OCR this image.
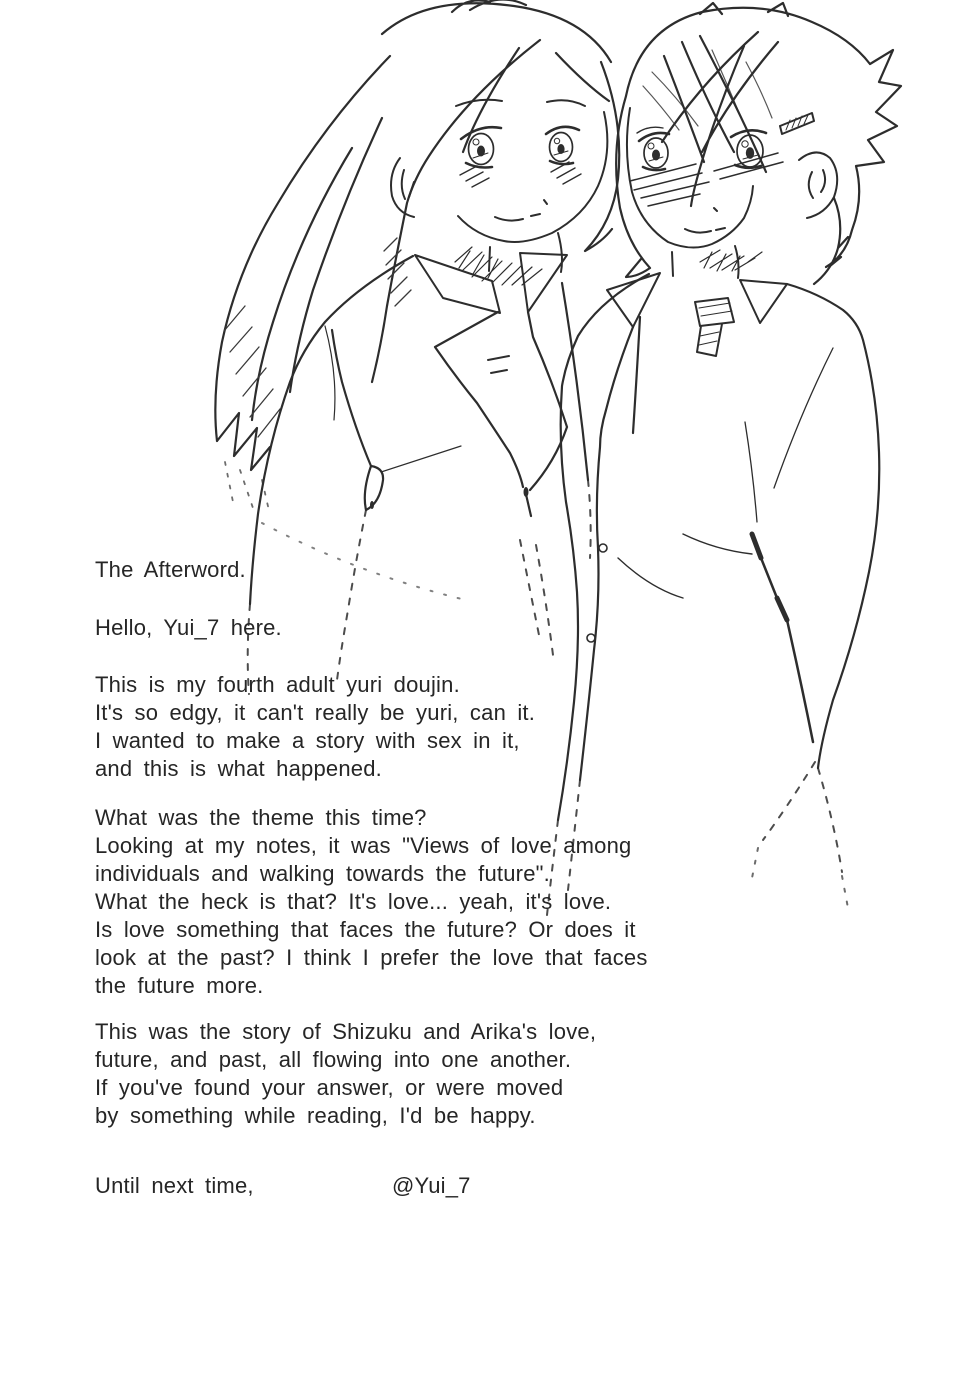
The Afterword.
Hello, Yui_7 here.
This is my fourth adult yuri doujin.
It's so edgy, it can't really be yuri, can it.
I wanted to make a story with sex in it,
and this is what happened.
What was the theme this time?
Looking at my notes, it was "Views of love among
individuals and walking towards the future".
What the heck is that? It's love... yeah, it's love.
Is love something that faces the future? Or does it
look at the past? I think I prefer the love that faces
the future more.
This was the story of Shizuku and Arika's love,
future, and past, all flowing into one another.
If you've found your answer, or were moved
by something while reading, I'd be happy.
Until next time,	@Yui_7
